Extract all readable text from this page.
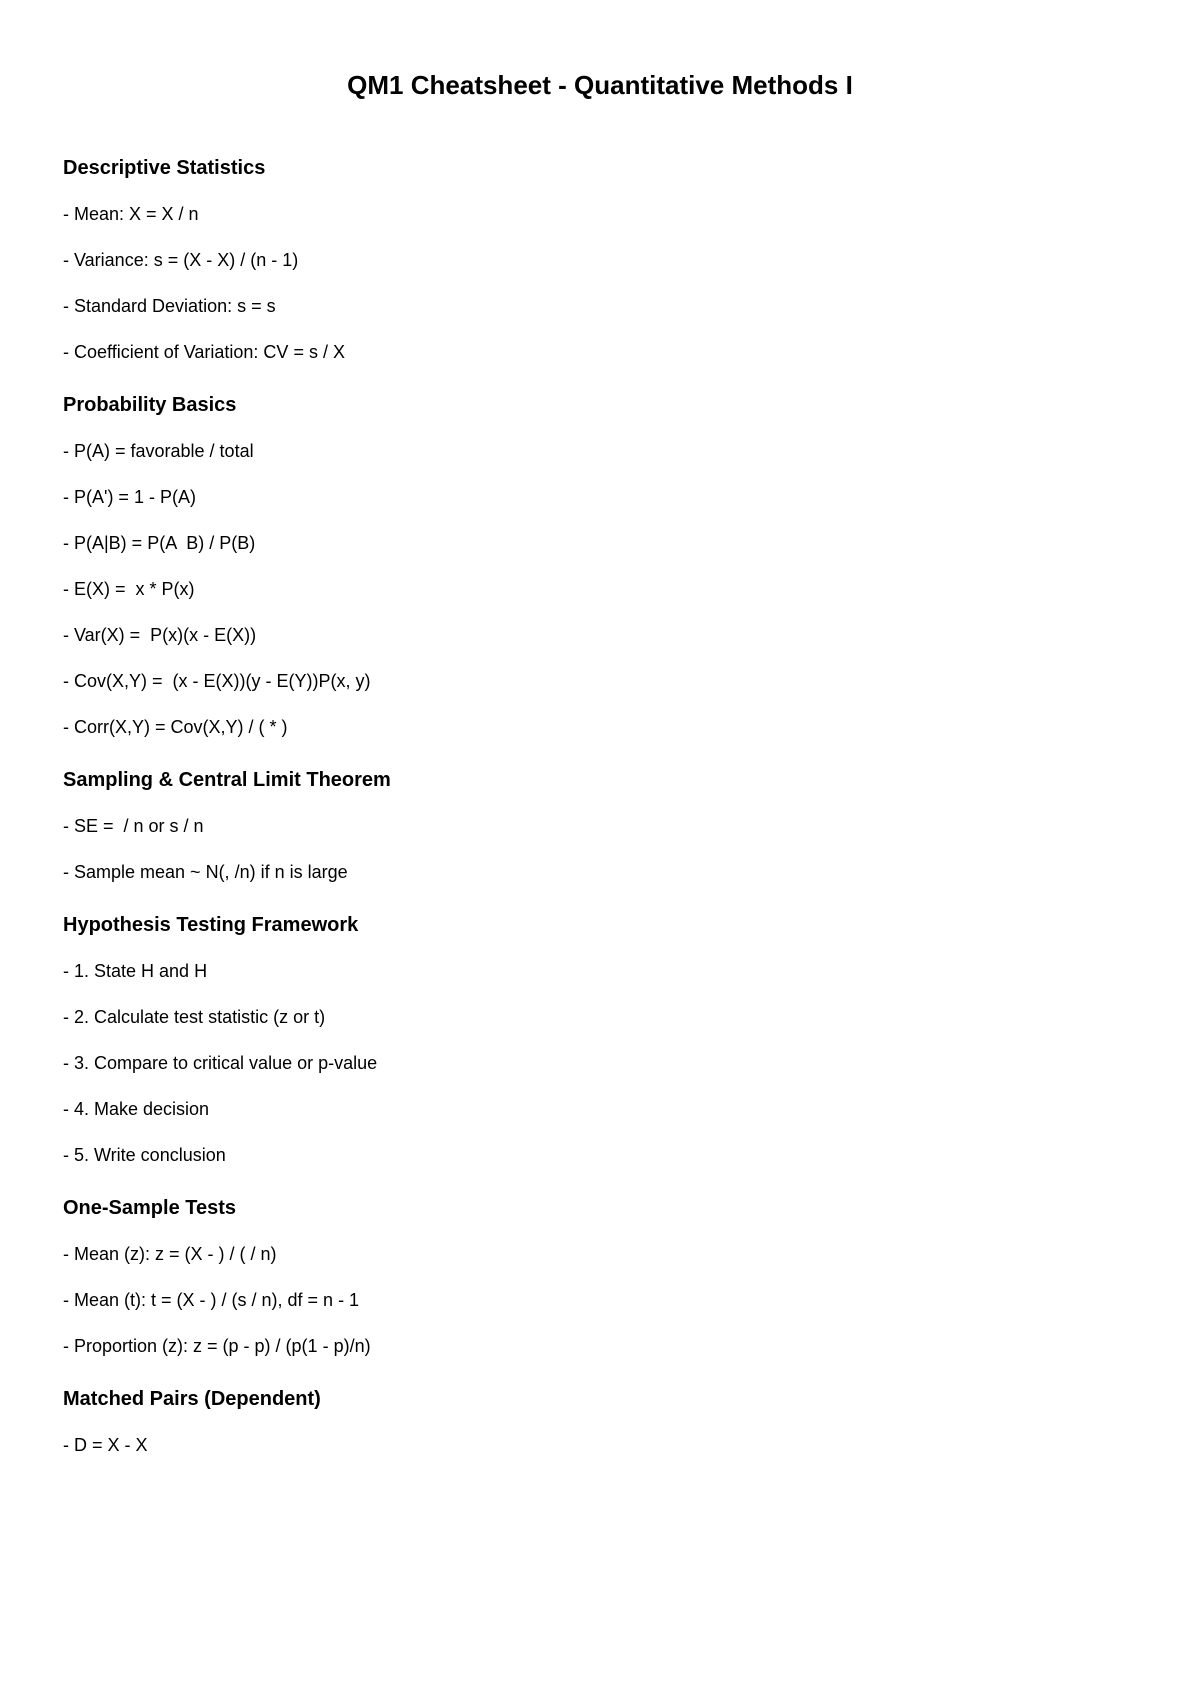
QM1 Cheatsheet - Quantitative Methods I
Descriptive Statistics
- Mean: X = X / n
- Variance: s = (X - X) / (n - 1)
- Standard Deviation: s = s
- Coefficient of Variation: CV = s / X
Probability Basics
- P(A) = favorable / total
- P(A') = 1 - P(A)
- P(A|B) = P(A  B) / P(B)
- E(X) =  x * P(x)
- Var(X) =  P(x)(x - E(X))
- Cov(X,Y) =  (x - E(X))(y - E(Y))P(x, y)
- Corr(X,Y) = Cov(X,Y) / ( * )
Sampling & Central Limit Theorem
- SE =  / n or s / n
- Sample mean ~ N(, /n) if n is large
Hypothesis Testing Framework
- 1. State H and H
- 2. Calculate test statistic (z or t)
- 3. Compare to critical value or p-value
- 4. Make decision
- 5. Write conclusion
One-Sample Tests
- Mean (z): z = (X - ) / ( / n)
- Mean (t): t = (X - ) / (s / n), df = n - 1
- Proportion (z): z = (p - p) / (p(1 - p)/n)
Matched Pairs (Dependent)
- D = X - X
